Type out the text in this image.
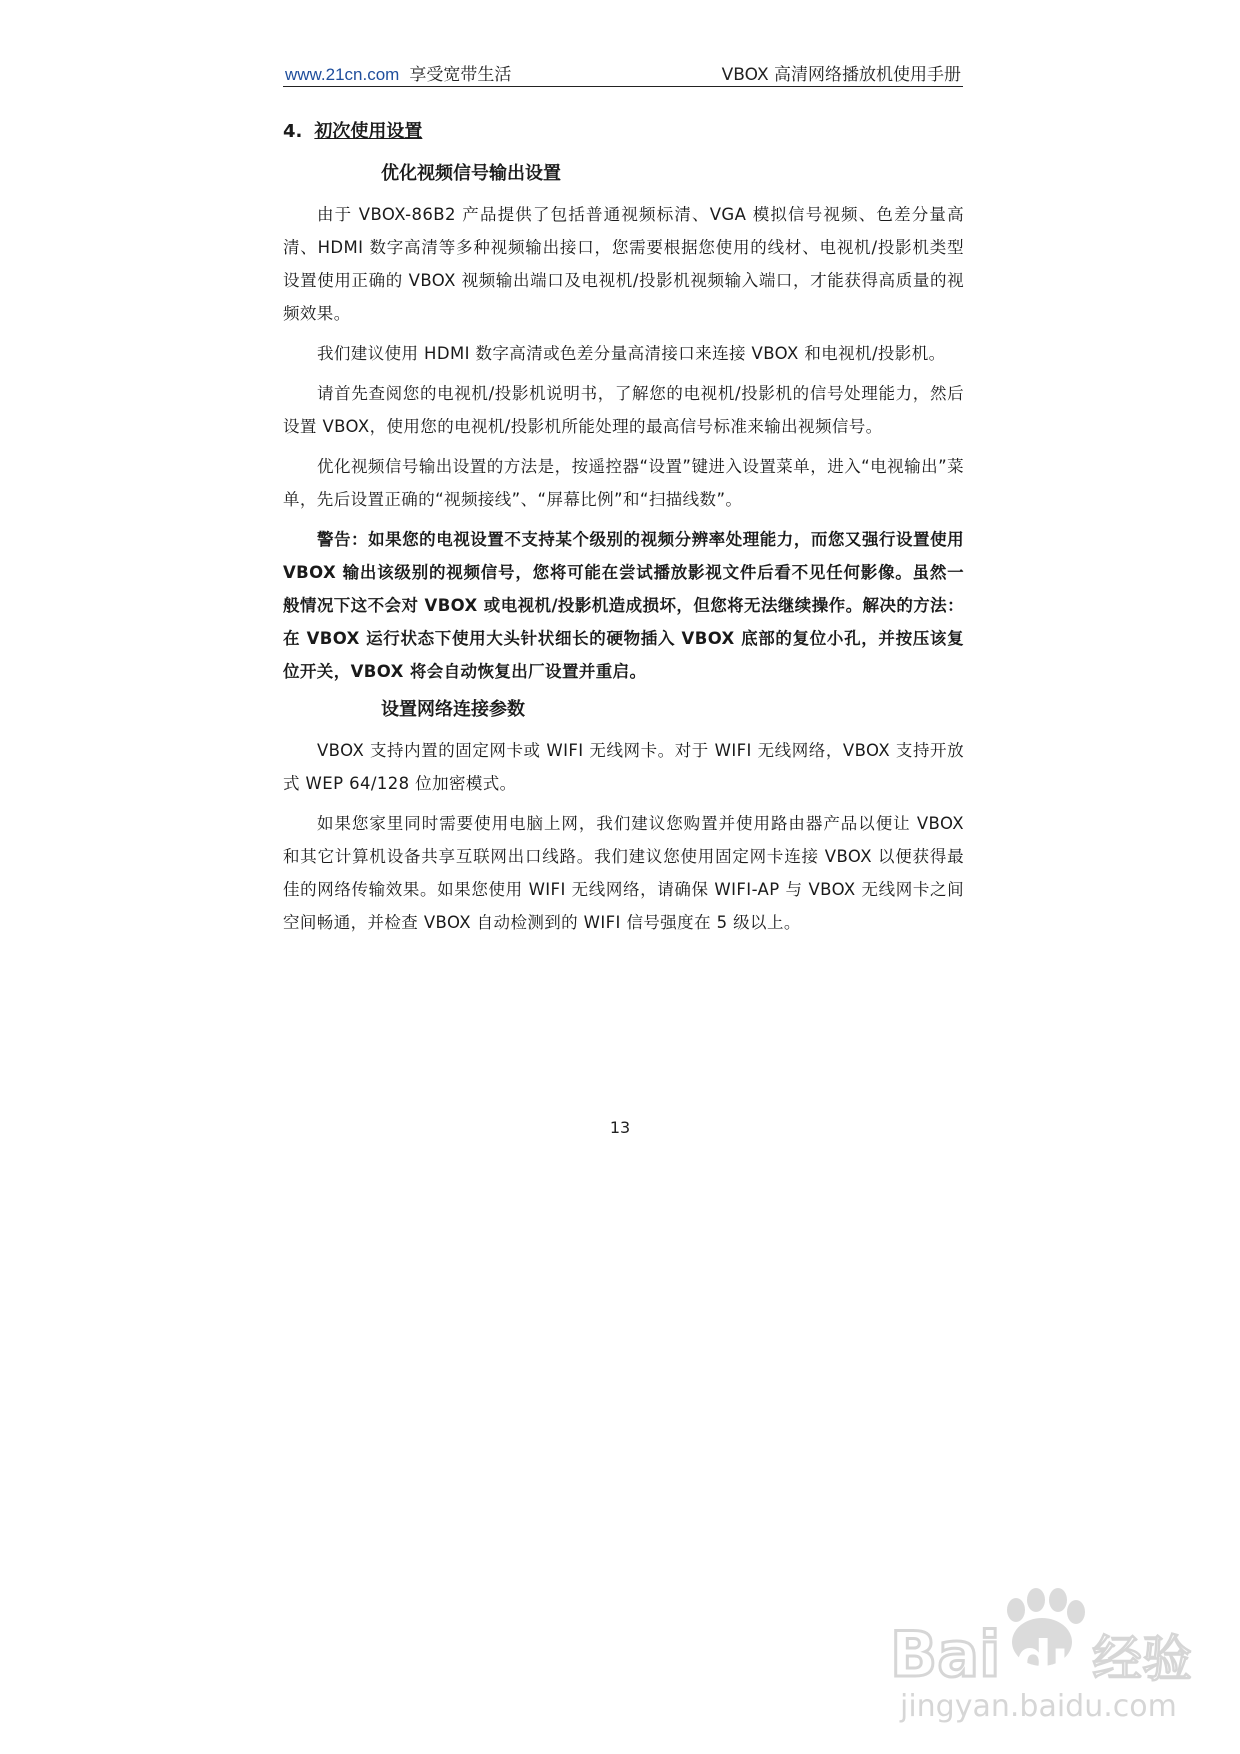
www.21cn.com 享受宽带生活	VBOX 高清网络播放机使用手册
4. 初次使用设置
优化视频信号输出设置

由于 VBOX-86B2 产品提供了包括普通视频标清、VGA 模拟信号视频、色差分量高清、HDMI 数字高清等多种视频输出接口，您需要根据您使用的线材、电视机/投影机类型设置使用正确的 VBOX 视频输出端口及电视机/投影机视频输入端口，才能获得高质量的视频效果。

我们建议使用 HDMI 数字高清或色差分量高清接口来连接 VBOX 和电视机/投影机。

请首先查阅您的电视机/投影机说明书，了解您的电视机/投影机的信号处理能力，然后设置 VBOX，使用您的电视机/投影机所能处理的最高信号标准来输出视频信号。

优化视频信号输出设置的方法是，按遥控器“设置”键进入设置菜单，进入“电视输出”菜单，先后设置正确的“视频接线”、“屏幕比例”和“扫描线数”。

警告：如果您的电视设置不支持某个级别的视频分辨率处理能力，而您又强行设置使用 VBOX 输出该级别的视频信号，您将可能在尝试播放影视文件后看不见任何影像。虽然一般情况下这不会对 VBOX 或电视机/投影机造成损坏，但您将无法继续操作。解决的方法：在 VBOX 运行状态下使用大头针状细长的硬物插入 VBOX 底部的复位小孔，并按压该复位开关，VBOX 将会自动恢复出厂设置并重启。

设置网络连接参数

VBOX 支持内置的固定网卡或 WIFI 无线网卡。对于 WIFI 无线网络，VBOX 支持开放式 WEP 64/128 位加密模式。

如果您家里同时需要使用电脑上网，我们建议您购置并使用路由器产品以便让 VBOX 和其它计算机设备共享互联网出口线路。我们建议您使用固定网卡连接 VBOX 以便获得最佳的网络传输效果。如果您使用 WIFI 无线网络，请确保 WIFI-AP 与 VBOX 无线网卡之间空间畅通，并检查 VBOX 自动检测到的 WIFI 信号强度在 5 级以上。

13
Bai du 经验
jingyan.baidu.com
